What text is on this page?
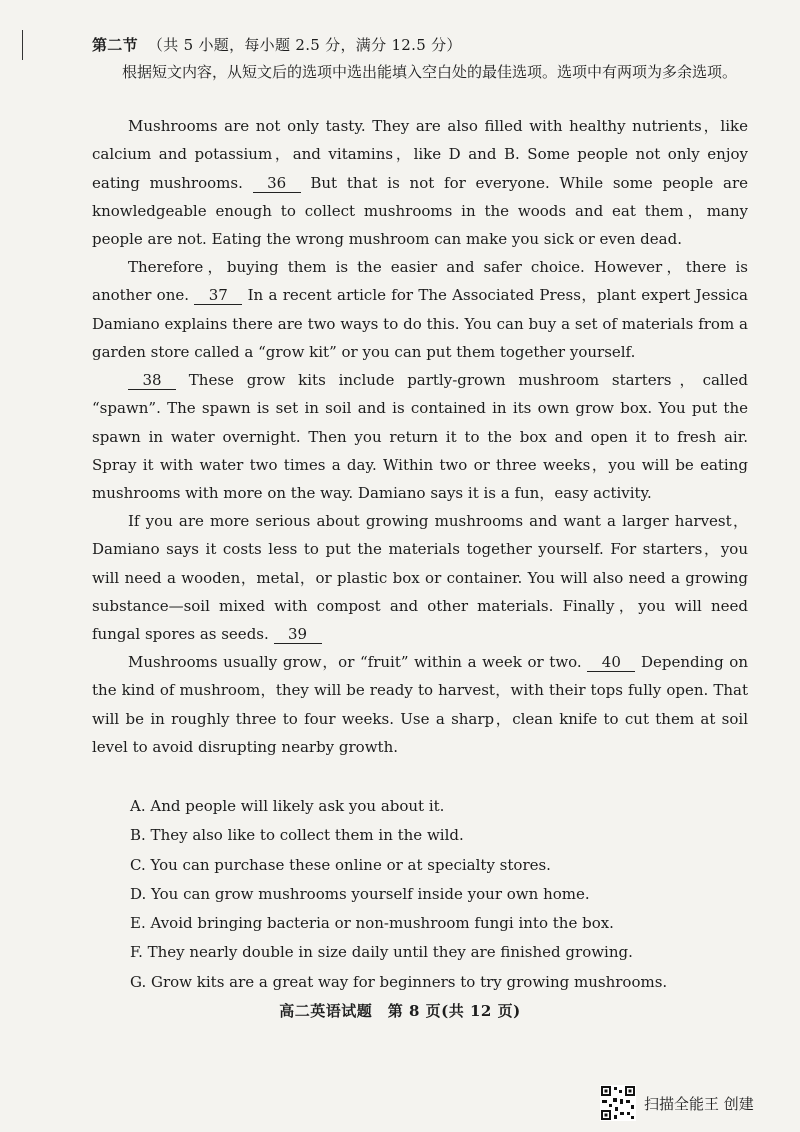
第二节 （共 5 小题，每小题 2.5 分，满分 12.5 分）
根据短文内容，从短文后的选项中选出能填入空白处的最佳选项。选项中有两项为多余选项。
Mushrooms are not only tasty. They are also filled with healthy nutrients，like calcium and potassium，and vitamins，like D and B. Some people not only enjoy eating mushrooms. 36 But that is not for everyone. While some people are knowledgeable enough to collect mushrooms in the woods and eat them，many people are not. Eating the wrong mushroom can make you sick or even dead.
Therefore，buying them is the easier and safer choice. However，there is another one. 37 In a recent article for The Associated Press，plant expert Jessica Damiano explains there are two ways to do this. You can buy a set of materials from a garden store called a “grow kit” or you can put them together yourself.
38 These grow kits include partly-grown mushroom starters，called “spawn”. The spawn is set in soil and is contained in its own grow box. You put the spawn in water overnight. Then you return it to the box and open it to fresh air. Spray it with water two times a day. Within two or three weeks，you will be eating mushrooms with more on the way. Damiano says it is a fun，easy activity.
If you are more serious about growing mushrooms and want a larger harvest，Damiano says it costs less to put the materials together yourself. For starters，you will need a wooden，metal，or plastic box or container. You will also need a growing substance—soil mixed with compost and other materials. Finally，you will need fungal spores as seeds. 39
Mushrooms usually grow，or “fruit” within a week or two. 40 Depending on the kind of mushroom，they will be ready to harvest，with their tops fully open. That will be in roughly three to four weeks. Use a sharp，clean knife to cut them at soil level to avoid disrupting nearby growth.
A. And people will likely ask you about it.
B. They also like to collect them in the wild.
C. You can purchase these online or at specialty stores.
D. You can grow mushrooms yourself inside your own home.
E. Avoid bringing bacteria or non-mushroom fungi into the box.
F. They nearly double in size daily until they are finished growing.
G. Grow kits are a great way for beginners to try growing mushrooms.
高二英语试题　第 8 页(共 12 页)
扫描全能王 创建
